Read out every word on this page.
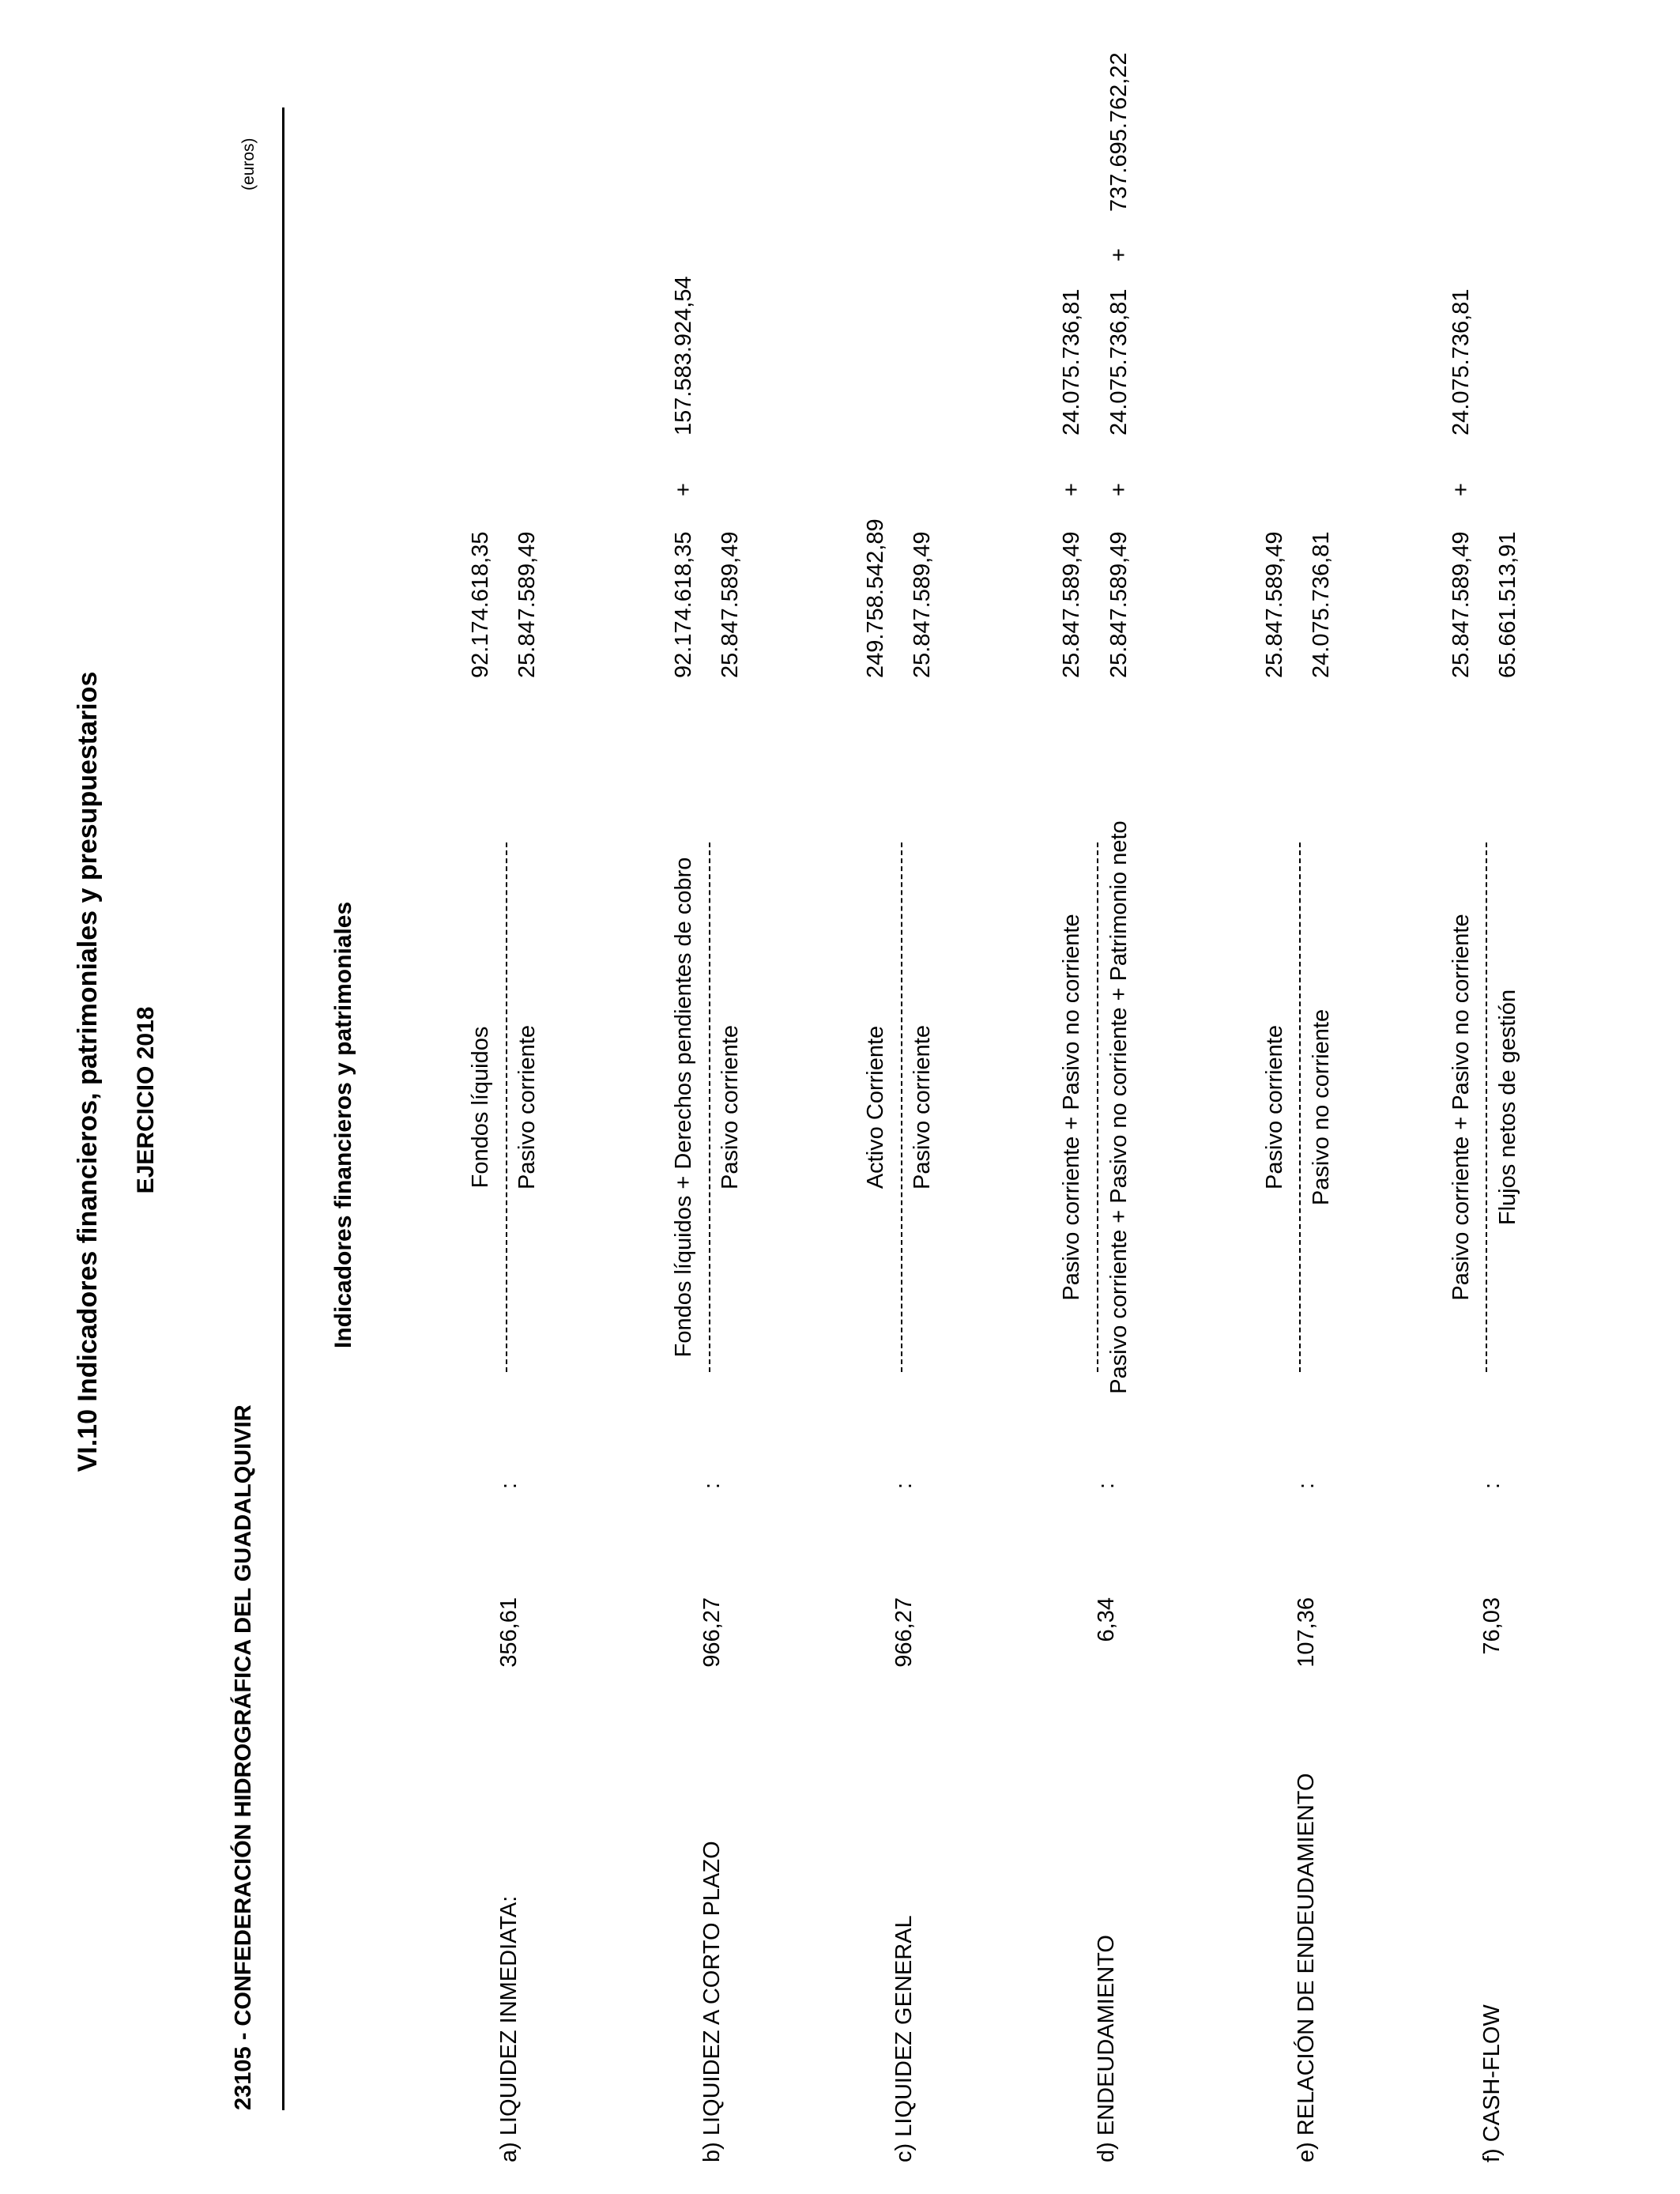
VI.10 Indicadores financieros, patrimoniales y presupuestarios EJERCICIO 2018
23105 - CONFEDERACIÓN HIDROGRÁFICA DEL GUADALQUIVIR
(euros)
Indicadores financieros y patrimoniales
a) LIQUIDEZ INMEDIATA:
356,61
:
Fondos líquidos Pasivo corriente
92.174.618,35 25.847.589,49
b) LIQUIDEZ A CORTO PLAZO
966,27
:
Fondos líquidos + Derechos pendientes de cobro Pasivo corriente
92.174.618,35
+
157.583.924,54
25.847.589,49
c) LIQUIDEZ GENERAL
966,27
:
Activo Corriente Pasivo corriente
249.758.542,89 25.847.589,49
d) ENDEUDAMIENTO
6,34
:
Pasivo corriente + Pasivo no corriente Pasivo corriente + Pasivo no corriente + Patrimonio neto
25.847.589,49
+
24.075.736,81
25.847.589,49
+
24.075.736,81
+
737.695.762,22
e) RELACIÓN DE ENDEUDAMIENTO
107,36
:
Pasivo corriente Pasivo no corriente
25.847.589,49 24.075.736,81
f) CASH-FLOW
76,03
:
Pasivo corriente + Pasivo no corriente Flujos netos de gestión
25.847.589,49
+
24.075.736,81
65.661.513,91
